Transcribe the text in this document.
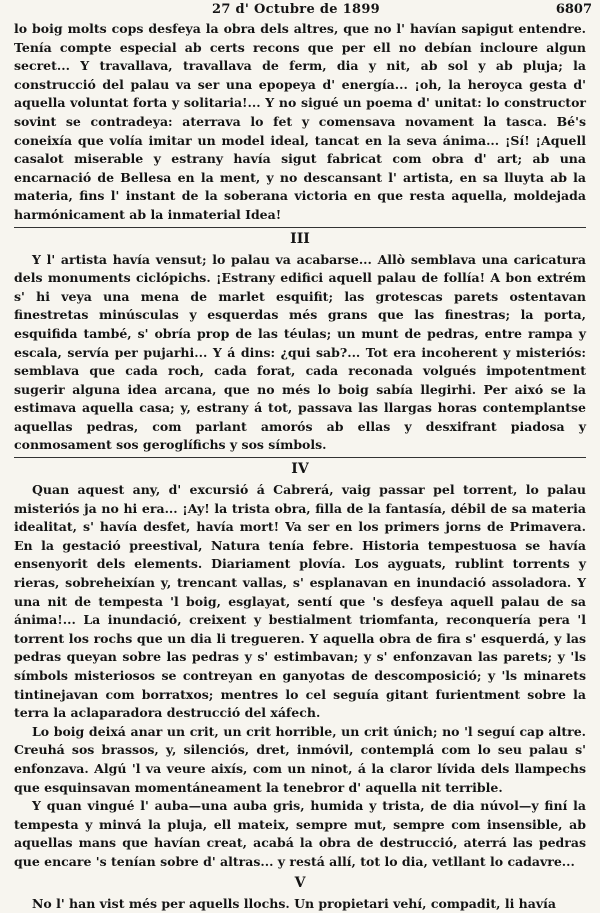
27 d' Octubre de 1899	6807

lo boig molts cops desfeya la obra dels altres, que no l' havían sapigut entendre. Tenía compte especial ab certs recons que per ell no debían incloure algun secret... Y travallava, travallava de ferm, dia y nit, ab sol y ab pluja; la construcció del palau va ser una epopeya d' energía... ¡oh, la heroyca gesta d' aquella voluntat forta y solitaria!... Y no sigué un poema d' unitat: lo constructor sovint se contradeya: aterrava lo fet y comensava novament la tasca. Bé's coneixía que volía imitar un model ideal, tancat en la seva ánima... ¡Sí! ¡Aquell casalot miserable y estrany havía sigut fabricat com obra d' art; ab una encarnació de Bellesa en la ment, y no descansant l' artista, en sa lluyta ab la materia, fins l' instant de la soberana victoria en que resta aquella, moldejada harmónicament ab la inmaterial Idea!

III

Y l' artista havía vensut; lo palau va acabarse... Allò semblava una caricatura dels monuments ciclópichs. ¡Estrany edifici aquell palau de follía! A bon extrém s' hi veya una mena de marlet esquifit; las grotescas parets ostentavan finestretas minúsculas y esquerdas més grans que las finestras; la porta, esquifida també, s' obría prop de las téulas; un munt de pedras, entre rampa y escala, servía per pujarhi... Y á dins: ¿qui sab?... Tot era incoherent y misteriós: semblava que cada roch, cada forat, cada reconada volgués impotentment sugerir alguna idea arcana, que no més lo boig sabía llegirhi. Per aixó se la estimava aquella casa; y, estrany á tot, passava las llargas horas contemplantse aquellas pedras, com parlant amorós ab ellas y desxifrant piadosa y conmosament sos geroglífichs y sos símbols.

IV

Quan aquest any, d' excursió á Cabrerá, vaig passar pel torrent, lo palau misteriós ja no hi era... ¡Ay! la trista obra, filla de la fantasía, débil de sa materia idealitat, s' havía desfet, havía mort! Va ser en los primers jorns de Primavera. En la gestació preestival, Natura tenía febre. Historia tempestuosa se havía ensenyorit dels elements. Diariament plovía. Los ayguats, rublint torrents y rieras, sobreheixían y, trencant vallas, s' esplanavan en inundació assoladora. Y una nit de tempesta 'l boig, esglayat, sentí que 's desfeya aquell palau de sa ánima!... La inundació, creixent y bestialment triomfanta, reconquería pera 'l torrent los rochs que un dia li tregueren. Y aquella obra de fira s' esquerdá, y las pedras queyan sobre las pedras y s' estimbavan; y s' enfonzavan las parets; y 'ls símbols misteriosos se contreyan en ganyotas de descomposició; y 'ls minarets tintinejavan com borratxos; mentres lo cel seguía gitant furientment sobre la terra la aclaparadora destrucció del xáfech.

Lo boig deixá anar un crit, un crit horrible, un crit únich; no 'l seguí cap altre. Creuhá sos brassos, y, silenciós, dret, inmóvil, contemplá com lo seu palau s' enfonzava. Algú 'l va veure aixís, com un ninot, á la claror lívida dels llampechs que esquinsavan momentáneament la tenebror d' aquella nit terrible.

Y quan vingué l' auba—una auba gris, humida y trista, de dia núvol—y finí la tempesta y minvá la pluja, ell mateix, sempre mut, sempre com insensible, ab aquellas mans que havían creat, acabá la obra de destrucció, aterrá las pedras que encare 's tenían sobre d' altras... y restá allí, tot lo dia, vetllant lo cadavre...

V

No l' han vist més per aquells llochs. Un propietari vehí, compadit, li havía
